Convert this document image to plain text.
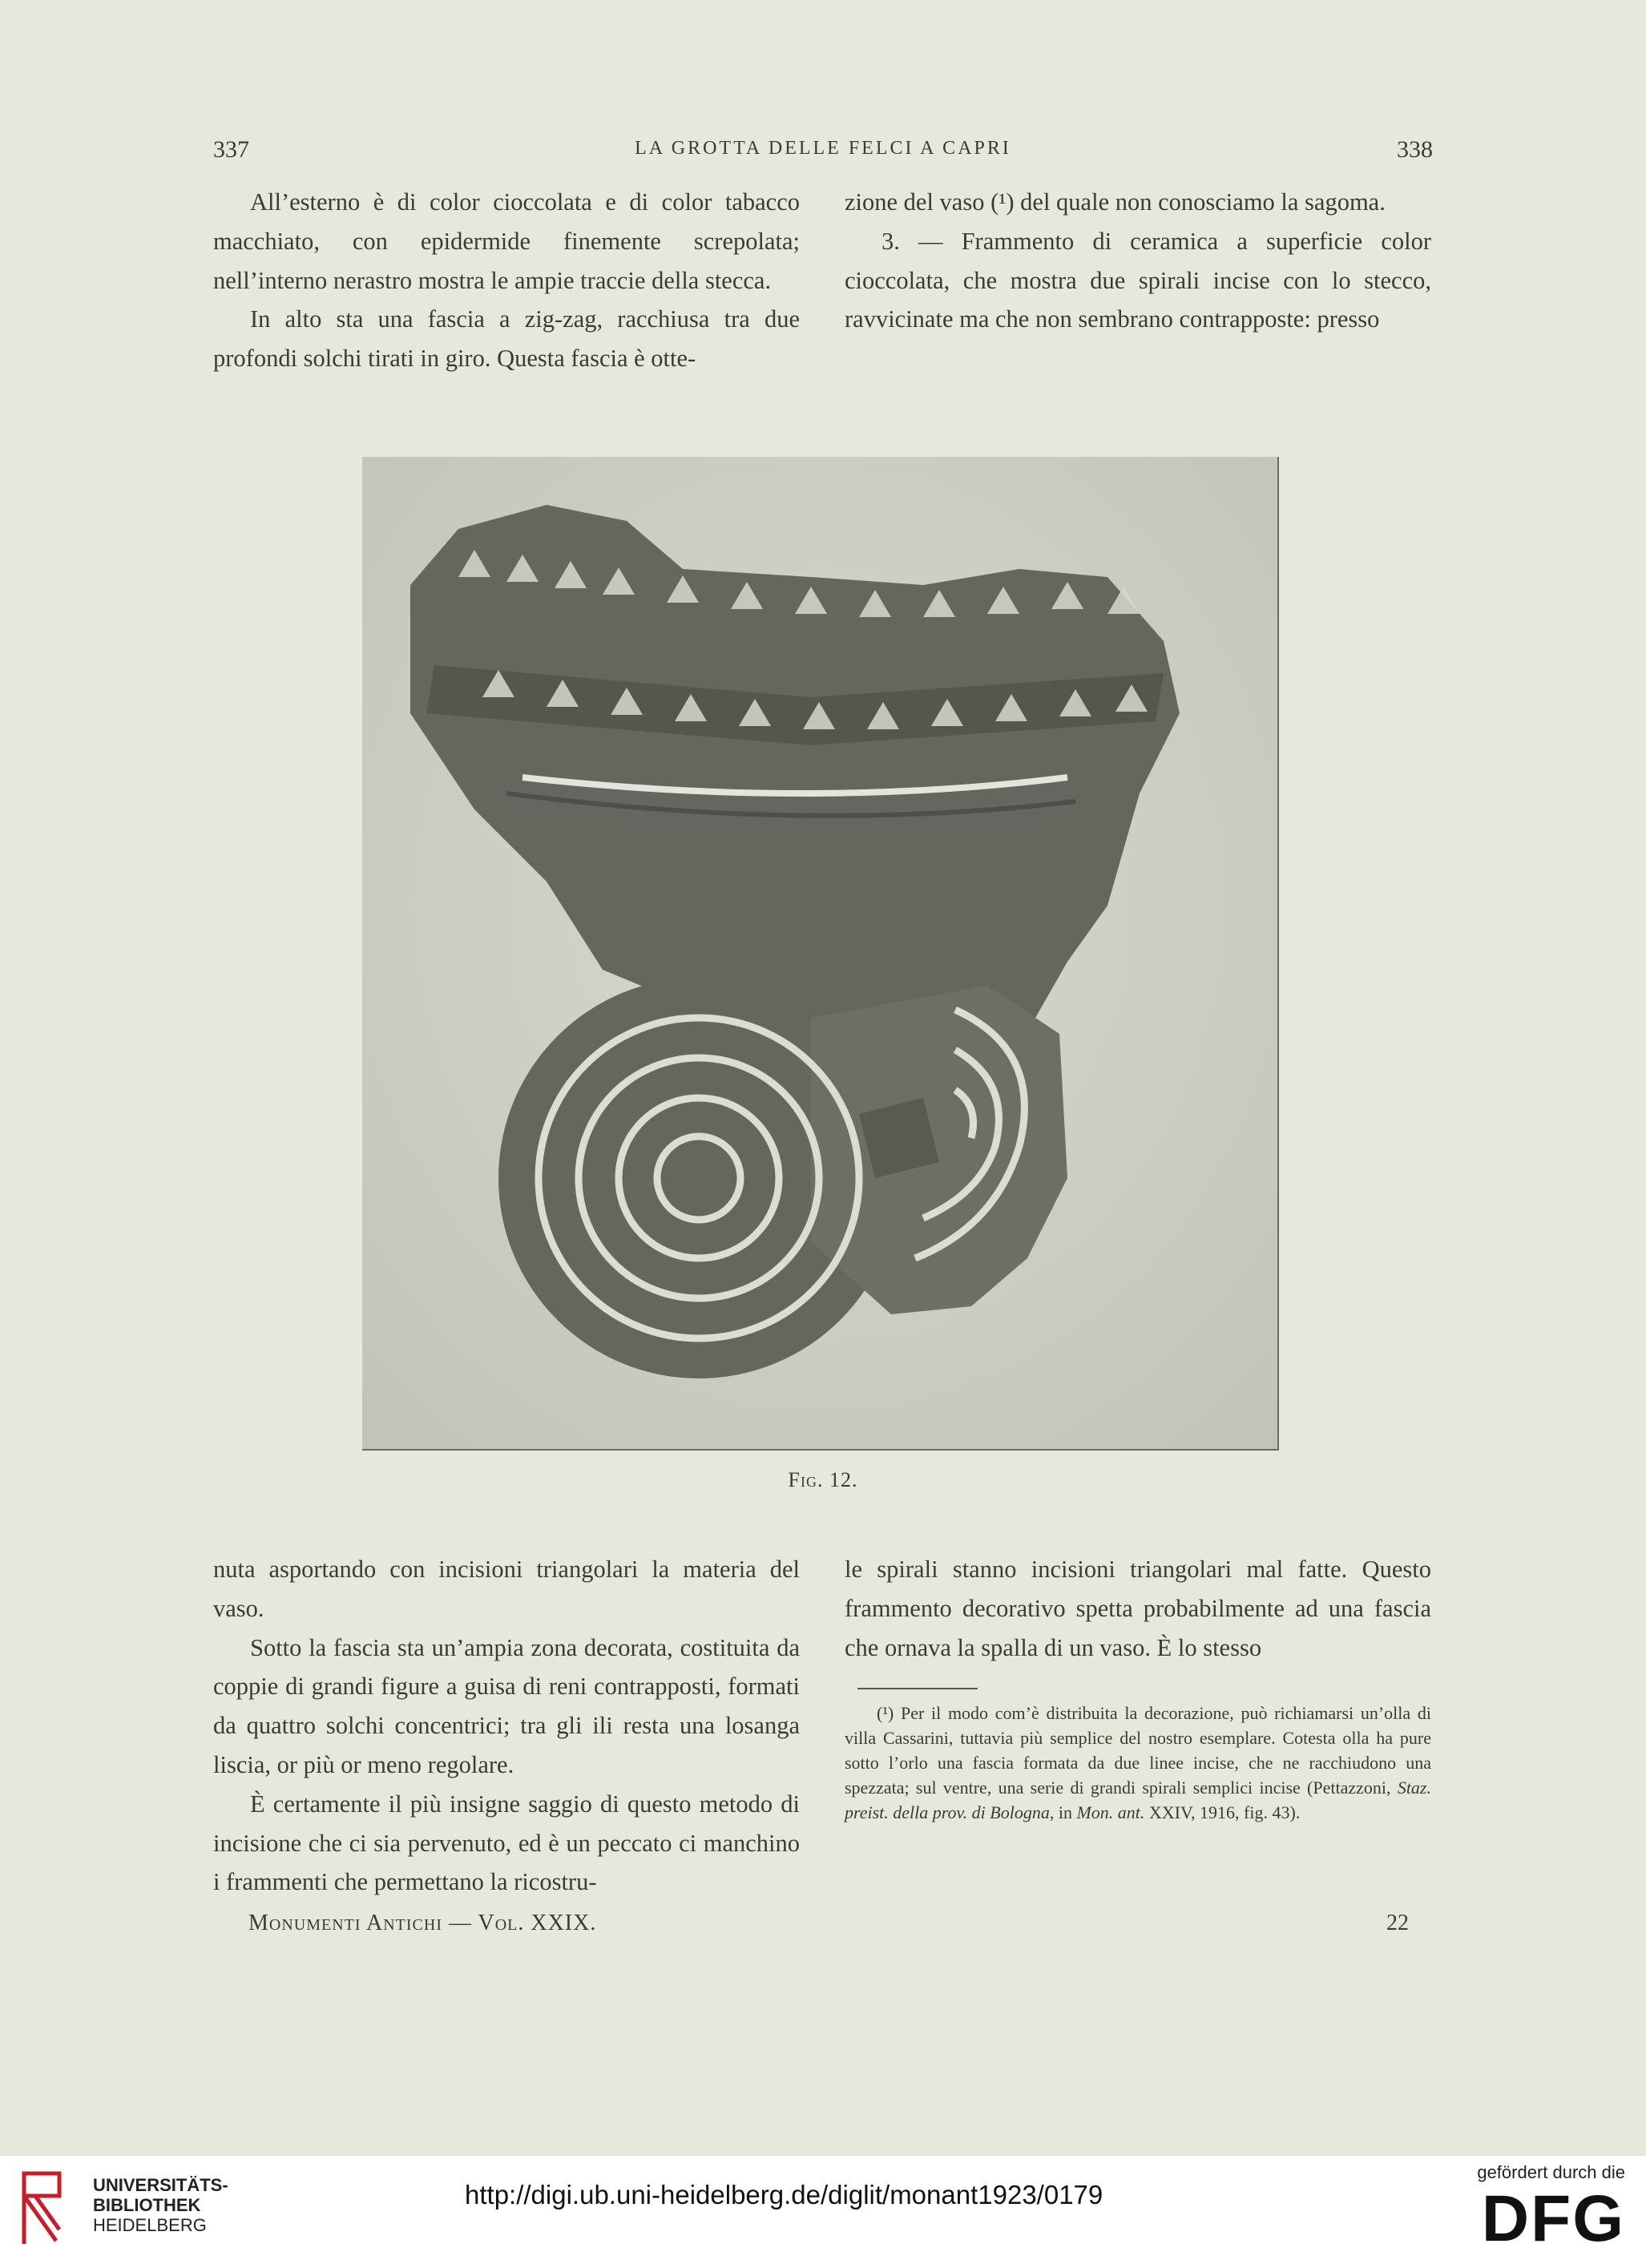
337	LA GROTTA DELLE FELCI A CAPRI	338

All’esterno è di color cioccolata e di color tabacco macchiato, con epidermide finemente screpolata; nell’interno nerastro mostra le ampie traccie della stecca.

In alto sta una fascia a zig-zag, racchiusa tra due profondi solchi tirati in giro. Questa fascia è otte-

zione del vaso (¹) del quale non conosciamo la sagoma.

3. — Frammento di ceramica a superficie color cioccolata, che mostra due spirali incise con lo stecco, ravvicinate ma che non sembrano contrapposte: presso

Fig. 12.

nuta asportando con incisioni triangolari la materia del vaso.

Sotto la fascia sta un’ampia zona decorata, costituita da coppie di grandi figure a guisa di reni contrapposti, formati da quattro solchi concentrici; tra gli ili resta una losanga liscia, or più or meno regolare.

È certamente il più insigne saggio di questo metodo di incisione che ci sia pervenuto, ed è un peccato ci manchino i frammenti che permettano la ricostru-

le spirali stanno incisioni triangolari mal fatte. Questo frammento decorativo spetta probabilmente ad una fascia che ornava la spalla di un vaso. È lo stesso

(¹) Per il modo com’è distribuita la decorazione, può richiamarsi un’olla di villa Cassarini, tuttavia più semplice del nostro esemplare. Cotesta olla ha pure sotto l’orlo una fascia formata da due linee incise, che ne racchiudono una spezzata; sul ventre, una serie di grandi spirali semplici incise (Pettazzoni, Staz. preist. della prov. di Bologna, in Mon. ant. XXIV, 1916, fig. 43).
Monumenti Antichi — Vol. XXIX.	22
UNIVERSITÄTS-
BIBLIOTHEK
HEIDELBERG
http://digi.ub.uni-heidelberg.de/diglit/monant1923/0179
gefördert durch die
DFG
